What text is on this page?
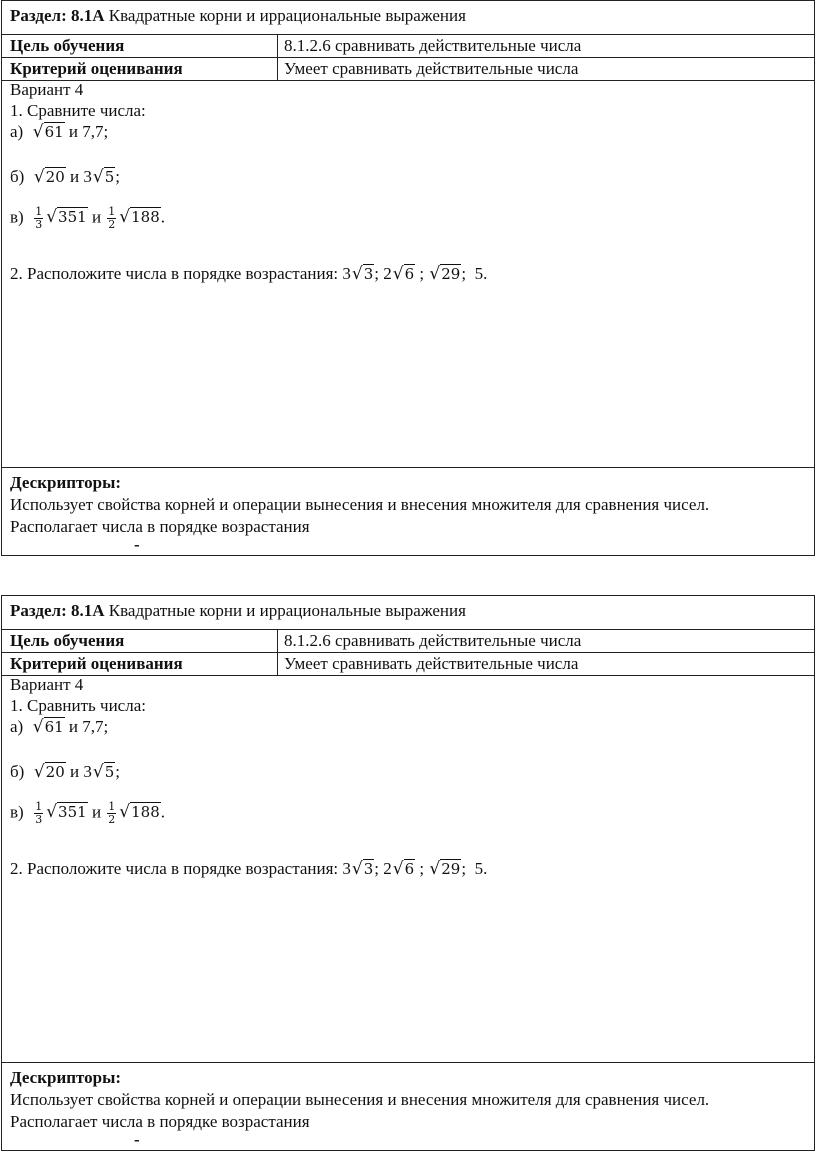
Раздел: 8.1А Квадратные корни и иррациональные выражения
Цель обучения	8.1.2.6 сравнивать действительные числа
Критерий оценивания	Умеет сравнивать действительные числа
Вариант 4
1. Сравните числа:
а) √61 и 7,7;
б) √20 и 3√5;
$в) \frac{1}{3} √351$ и $\frac{1}{2} √188$.
2. Расположите числа в порядке возрастания: 3√3; 2√6 ; √29; 5.
Дескрипторы:
Использует свойства корней и операции вынесения и внесения множителя для сравнения чисел.
Располагает числа в порядке возрастания
-
Раздел: 8.1А Квадратные корни и иррациональные выражения
Цель обучения	8.1.2.6 сравнивать действительные числа
Критерий оценивания	Умеет сравнивать действительные числа
Вариант 4
1. Сравнить числа:
а) √61 и 7,7;
б) √20 и 3√5;
$в) \frac{1}{3} √351$ и $\frac{1}{2} √188$.
2. Расположите числа в порядке возрастания: 3√3; 2√6 ; √29; 5.
Дескрипторы:
Использует свойства корней и операции вынесения и внесения множителя для сравнения чисел.
Располагает числа в порядке возрастания
-
